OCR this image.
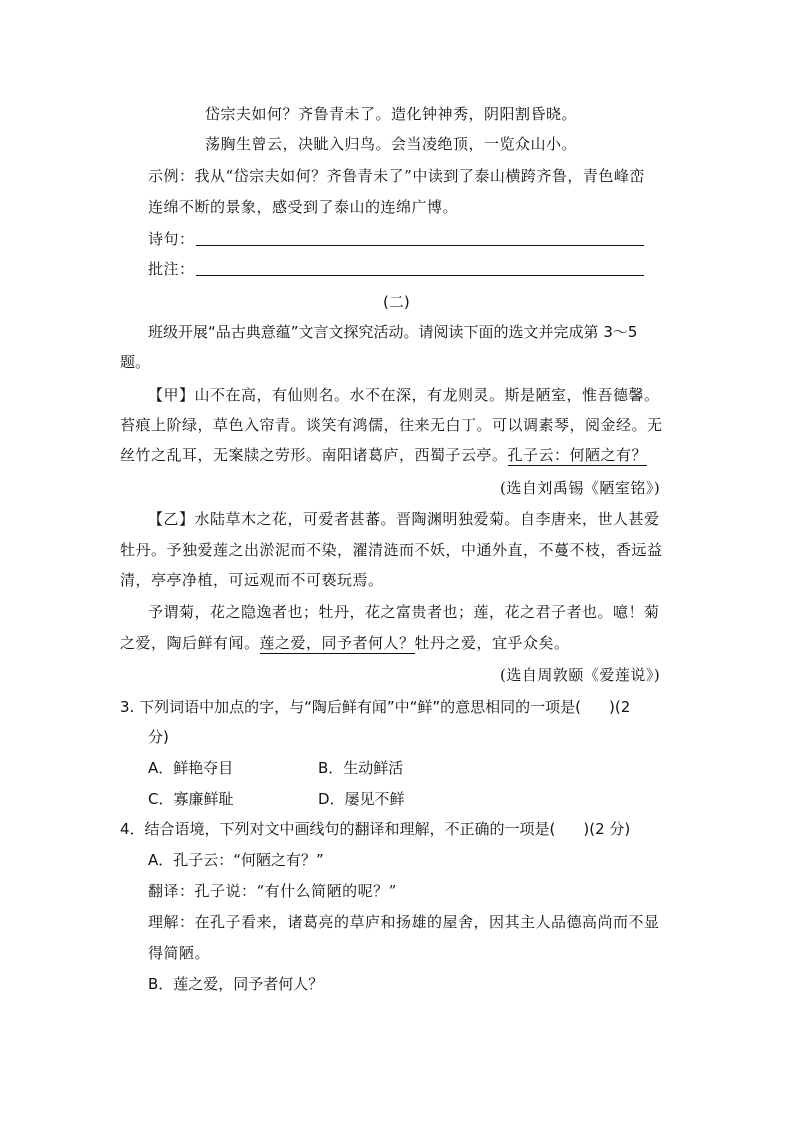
岱宗夫如何？齐鲁青未了。造化钟神秀，阴阳割昏晓。
荡胸生曾云，决眦入归鸟。会当凌绝顶，一览众山小。
示例：我从“岱宗夫如何？齐鲁青未了”中读到了泰山横跨齐鲁，青色峰峦
连绵不断的景象，感受到了泰山的连绵广博。
诗句：
批注：
(二)
班级开展“品古典意蕴”文言文探究活动。请阅读下面的选文并完成第 3～5
题。
【甲】山不在高，有仙则名。水不在深，有龙则灵。斯是陋室，惟吾德馨。
苔痕上阶绿，草色入帘青。谈笑有鸿儒，往来无白丁。可以调素琴，阅金经。无
丝竹之乱耳，无案牍之劳形。南阳诸葛庐，西蜀子云亭。孔子云：何陋之有？
(选自刘禹锡《陋室铭》)
【乙】水陆草木之花，可爱者甚蕃。晋陶渊明独爱菊。自李唐来，世人甚爱
牡丹。予独爱莲之出淤泥而不染，濯清涟而不妖，中通外直，不蔓不枝，香远益
清，亭亭净植，可远观而不可亵玩焉。
予谓菊，花之隐逸者也；牡丹，花之富贵者也；莲，花之君子者也。噫！菊
之爱，陶后鲜有闻。莲之爱，同予者何人？牡丹之爱，宜乎众矣。
(选自周敦颐《爱莲说》)
3. 下列词语中加点的字，与“陶后鲜有闻”中“鲜”的意思相同的一项是( )(2
分)
A．鲜艳夺目	B．生动鲜活
C．寡廉鲜耻	D．屡见不鲜
4．结合语境，下列对文中画线句的翻译和理解，不正确的一项是( )(2 分)
A．孔子云：“何陋之有？”
翻译：孔子说：“有什么简陋的呢？”
理解：在孔子看来，诸葛亮的草庐和扬雄的屋舍，因其主人品德高尚而不显
得简陋。
B．莲之爱，同予者何人？
